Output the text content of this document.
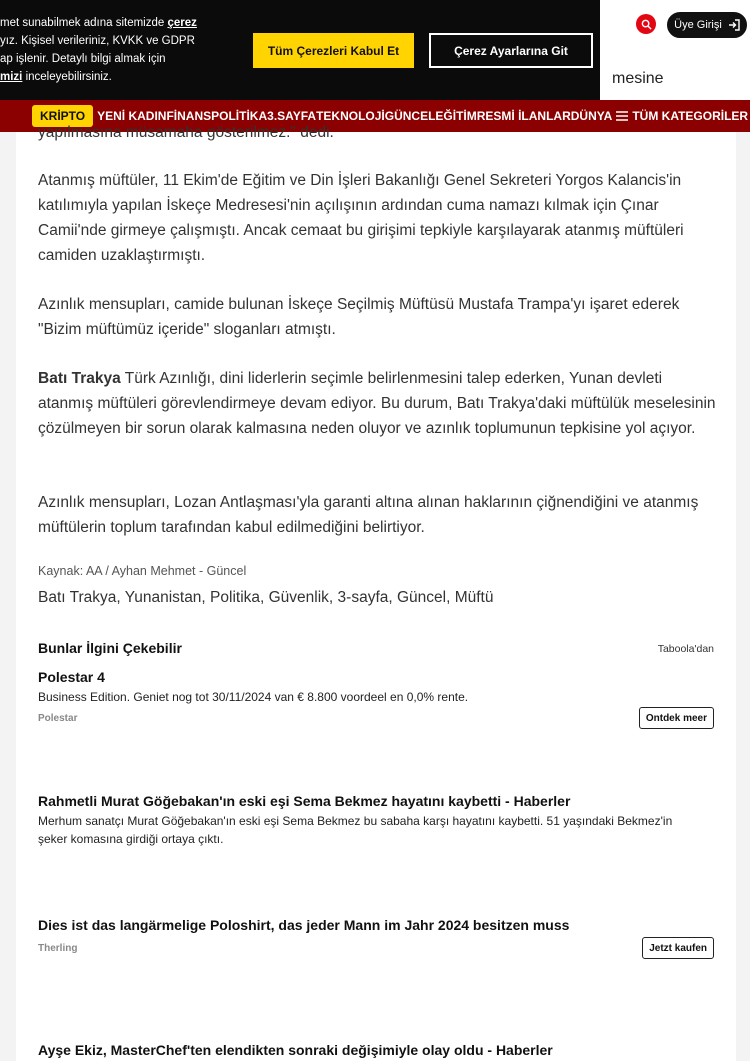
Üye Girişi
mesine
KRİPTO	YENİ KADIN FİNANS POLİTİKA 3.SAYFA TEKNOLOJİ GÜNCEL EĞİTİM RESMİ İLANLAR DÜNYA TÜM KATEGORİLER
met sunabilmek adına sitemizde çerez
yız. Kişisel verileriniz, KVKK ve GDPR
ap işlenir. Detaylı bilgi almak için
mizi inceleyebilirsiniz.
Tüm Çerezleri Kabul Et	Çerez Ayarlarına Git

yapılmasına müsamaha gösterilmez." dedi.

Atanmış müftüler, 11 Ekim'de Eğitim ve Din İşleri Bakanlığı Genel Sekreteri Yorgos Kalancis'in katılımıyla yapılan İskeçe Medresesi'nin açılışının ardından cuma namazı kılmak için Çınar Camii'nde girmeye çalışmıştı. Ancak cemaat bu girişimi tepkiyle karşılayarak atanmış müftüleri camiden uzaklaştırmıştı.

Azınlık mensupları, camide bulunan İskeçe Seçilmiş Müftüsü Mustafa Trampa'yı işaret ederek "Bizim müftümüz içeride" sloganları atmıştı.

Batı Trakya Türk Azınlığı, dini liderlerin seçimle belirlenmesini talep ederken, Yunan devleti atanmış müftüleri görevlendirmeye devam ediyor. Bu durum, Batı Trakya'daki müftülük meselesinin çözülmeyen bir sorun olarak kalmasına neden oluyor ve azınlık toplumunun tepkisine yol açıyor.

Azınlık mensupları, Lozan Antlaşması'yla garanti altına alınan haklarının çiğnendiğini ve atanmış müftülerin toplum tarafından kabul edilmediğini belirtiyor.

Kaynak: AA / Ayhan Mehmet - Güncel
Batı Trakya, Yunanistan, Politika, Güvenlik, 3-sayfa, Güncel, Müftü
Bunlar İlgini Çekebilir	Taboola'dan
Polestar 4
Business Edition. Geniet nog tot 30/11/2024 van € 8.800 voordeel en 0,0% rente.
Polestar	Ontdek meer
Rahmetli Murat Göğebakan'ın eski eşi Sema Bekmez hayatını kaybetti - Haberler
Merhum sanatçı Murat Göğebakan'ın eski eşi Sema Bekmez bu sabaha karşı hayatını kaybetti. 51 yaşındaki Bekmez'in şeker komasına girdiği ortaya çıktı.
Dies ist das langärmelige Poloshirt, das jeder Mann im Jahr 2024 besitzen muss
Therling	Jetzt kaufen
Ayşe Ekiz, MasterChef'ten elendikten sonraki değişimiyle olay oldu - Haberler
